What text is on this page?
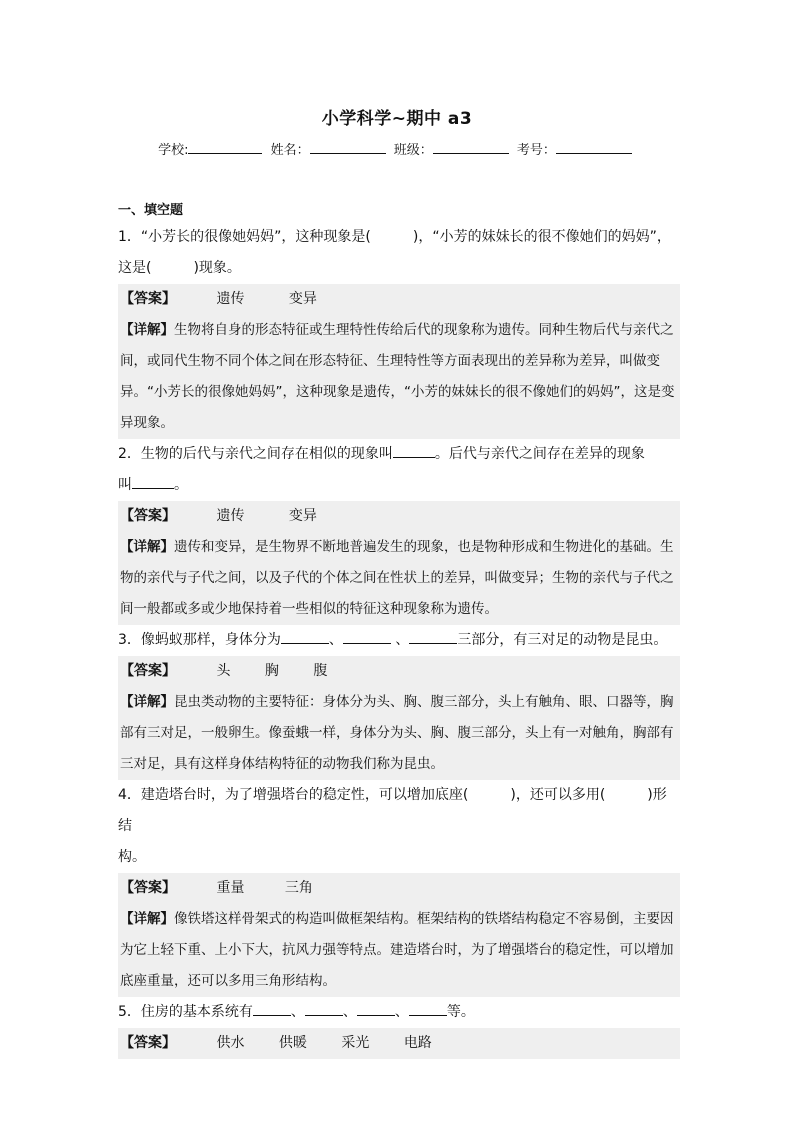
小学科学~期中 a3
学校:	姓名：	班级：	考号：
一、填空题
1．“小芳长的很像她妈妈”，这种现象是(　　　)，“小芳的妹妹长的很不像她们的妈妈”，
这是(　　　)现象。
【答案】	遗传	变异
【详解】生物将自身的形态特征或生理特性传给后代的现象称为遗传。同种生物后代与亲代之间，或同代生物不同个体之间在形态特征、生理特性等方面表现出的差异称为差异，叫做变异。“小芳长的很像她妈妈”，这种现象是遗传，“小芳的妹妹长的很不像她们的妈妈”，这是变异现象。
2．生物的后代与亲代之间存在相似的现象叫	。后代与亲代之间存在差异的现象
叫	。
【答案】	遗传	变异
【详解】遗传和变异，是生物界不断地普遍发生的现象，也是物种形成和生物进化的基础。生物的亲代与子代之间，以及子代的个体之间在性状上的差异，叫做变异；生物的亲代与子代之间一般都或多或少地保持着一些相似的特征这种现象称为遗传。
3．像蚂蚁那样，身体分为	、	、	三部分，有三对足的动物是昆虫。
【答案】	头 胸 腹
【详解】昆虫类动物的主要特征：身体分为头、胸、腹三部分，头上有触角、眼、口器等，胸部有三对足，一般卵生。像蚕蛾一样，身体分为头、胸、腹三部分，头上有一对触角，胸部有三对足，具有这样身体结构特征的动物我们称为昆虫。
4．建造塔台时，为了增强塔台的稳定性，可以增加底座(　　　)，还可以多用(　　　)形结
构。
【答案】	重量	三角
【详解】像铁塔这样骨架式的构造叫做框架结构。框架结构的铁塔结构稳定不容易倒，主要因为它上轻下重、上小下大，抗风力强等特点。建造塔台时，为了增强塔台的稳定性，可以增加底座重量，还可以多用三角形结构。
5．住房的基本系统有	、	、	、	等。
【答案】	供水 供暖 采光 电路
